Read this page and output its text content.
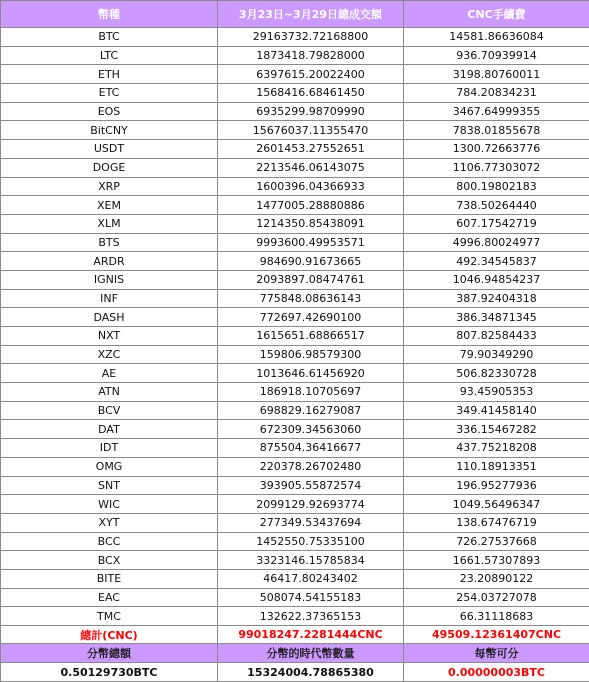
幣種	3月23日~3月29日總成交額	CNC手續費
BTC	29163732.72168800	14581.86636084
LTC	1873418.79828000	936.70939914
ETH	6397615.20022400	3198.80760011
ETC	1568416.68461450	784.20834231
EOS	6935299.98709990	3467.64999355
BitCNY	15676037.11355470	7838.01855678
USDT	2601453.27552651	1300.72663776
DOGE	2213546.06143075	1106.77303072
XRP	1600396.04366933	800.19802183
XEM	1477005.28880886	738.50264440
XLM	1214350.85438091	607.17542719
BTS	9993600.49953571	4996.80024977
ARDR	984690.91673665	492.34545837
IGNIS	2093897.08474761	1046.94854237
INF	775848.08636143	387.92404318
DASH	772697.42690100	386.34871345
NXT	1615651.68866517	807.82584433
XZC	159806.98579300	79.90349290
AE	1013646.61456920	506.82330728
ATN	186918.10705697	93.45905353
BCV	698829.16279087	349.41458140
DAT	672309.34563060	336.15467282
IDT	875504.36416677	437.75218208
OMG	220378.26702480	110.18913351
SNT	393905.55872574	196.95277936
WIC	2099129.92693774	1049.56496347
XYT	277349.53437694	138.67476719
BCC	1452550.75335100	726.27537668
BCX	3323146.15785834	1661.57307893
BITE	46417.80243402	23.20890122
EAC	508074.54155183	254.03727078
TMC	132622.37365153	66.31118683
總計(CNC)	99018247.2281444CNC	49509.12361407CNC
分幣總額	分幣的時代幣數量	每幣可分
0.50129730BTC	15324004.78865380	0.00000003BTC
